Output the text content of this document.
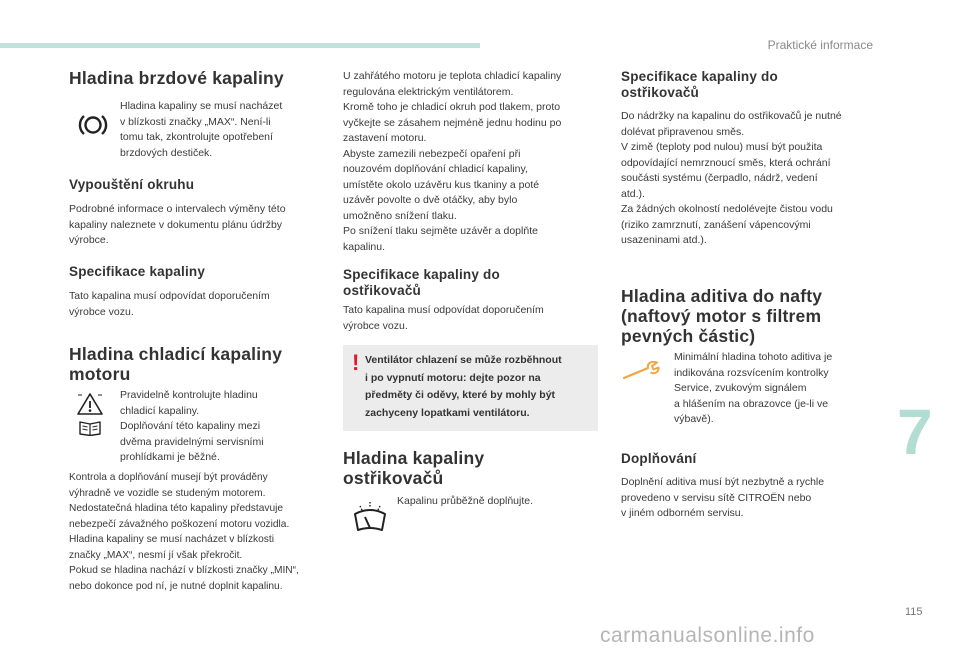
Praktické informace
Hladina brzdové kapaliny
Hladina kapaliny se musí nacházet
v blízkosti značky „MAX“. Není-li
tomu tak, zkontrolujte opotřebení
brzdových destiček.
Vypouštění okruhu
Podrobné informace o intervalech výměny této
kapaliny naleznete v dokumentu plánu údržby
výrobce.
Specifikace kapaliny
Tato kapalina musí odpovídat doporučením
výrobce vozu.
Hladina chladicí kapaliny
motoru
Pravidelně kontrolujte hladinu
chladicí kapaliny.
Doplňování této kapaliny mezi
dvěma pravidelnými servisními
prohlídkami je běžné.
Kontrola a doplňování musejí být prováděny
výhradně ve vozidle se studeným motorem.
Nedostatečná hladina této kapaliny představuje
nebezpečí závažného poškození motoru vozidla.
Hladina kapaliny se musí nacházet v blízkosti
značky „MAX“, nesmí jí však překročit.
Pokud se hladina nachází v blízkosti značky „MIN“,
nebo dokonce pod ní, je nutné doplnit kapalinu.
U zahřátého motoru je teplota chladicí kapaliny
regulována elektrickým ventilátorem.
Kromě toho je chladicí okruh pod tlakem, proto
vyčkejte se zásahem nejméně jednu hodinu po
zastavení motoru.
Abyste zamezili nebezpečí opaření při
nouzovém doplňování chladicí kapaliny,
umístěte okolo uzávěru kus tkaniny a poté
uzávěr povolte o dvě otáčky, aby bylo
umožněno snížení tlaku.
Po snížení tlaku sejměte uzávěr a doplňte
kapalinu.
Specifikace kapaliny do
ostřikovačů
Tato kapalina musí odpovídat doporučením
výrobce vozu.
! Ventilátor chlazení se může rozběhnout
i po vypnutí motoru: dejte pozor na
předměty či oděvy, které by mohly být
zachyceny lopatkami ventilátoru.
Hladina kapaliny
ostřikovačů
Kapalinu průběžně doplňujte.
Specifikace kapaliny do
ostřikovačů
Do nádržky na kapalinu do ostřikovačů je nutné
dolévat připravenou směs.
V zimě (teploty pod nulou) musí být použita
odpovídající nemrznoucí směs, která ochrání
součásti systému (čerpadlo, nádrž, vedení
atd.).
Za žádných okolností nedolévejte čistou vodu
(riziko zamrznutí, zanášení vápencovými
usazeninami atd.).
Hladina aditiva do nafty
(naftový motor s filtrem
pevných částic)
Minimální hladina tohoto aditiva je
indikována rozsvícením kontrolky
Service, zvukovým signálem
a hlášením na obrazovce (je-li ve
výbavě).
Doplňování
Doplnění aditiva musí být nezbytně a rychle
provedeno v servisu sítě CITROËN nebo
v jiném odborném servisu.
7
115
carmanualsonline.info
